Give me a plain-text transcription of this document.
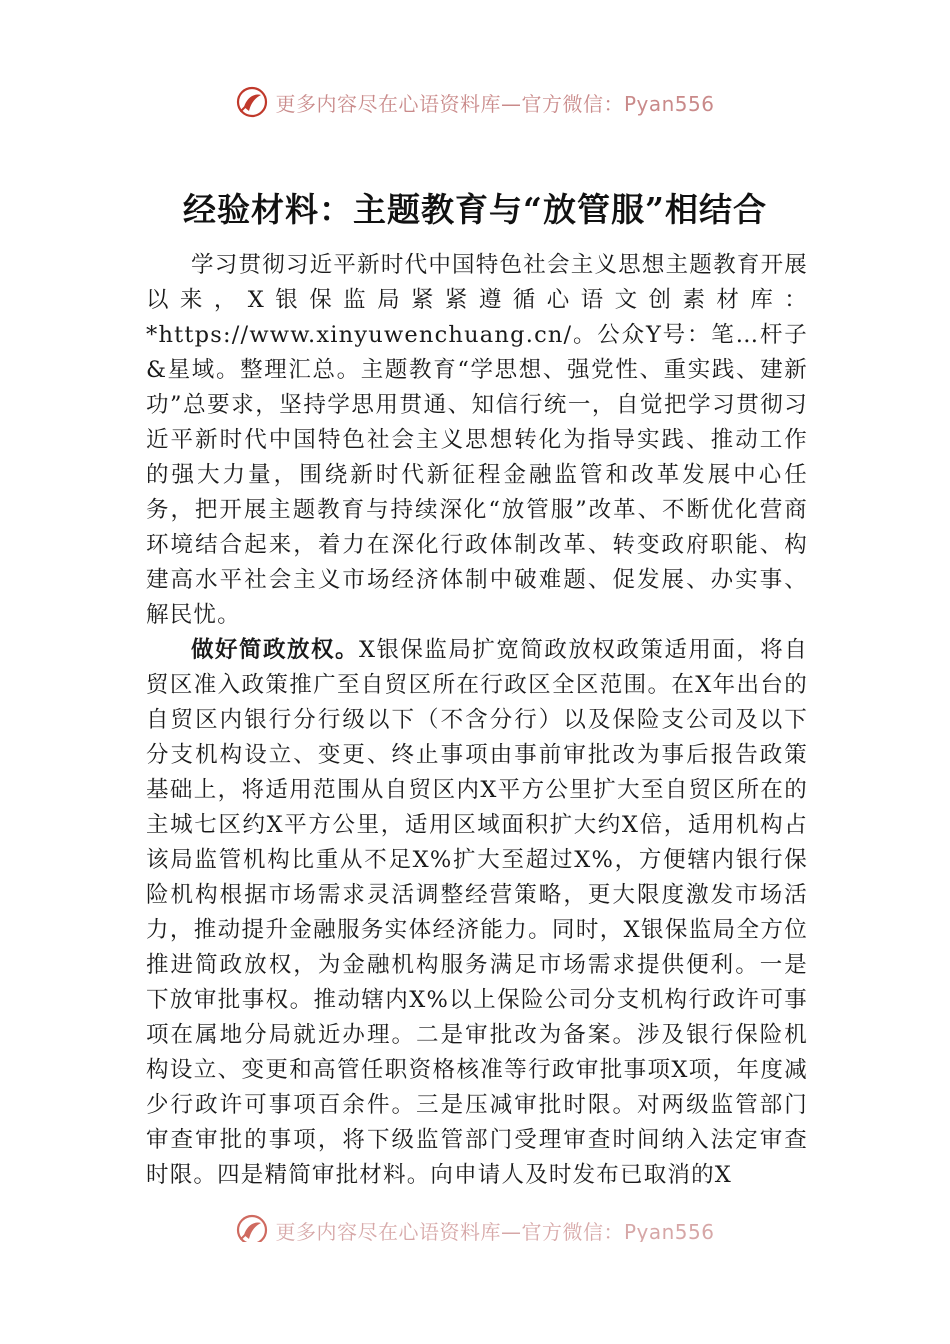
更多内容尽在心语资料库—官方微信：Pyan556
经验材料：主题教育与“放管服”相结合

学习贯彻习近平新时代中国特色社会主义思想主题教育开展以来，X银保监局紧紧遵循心语文创素材库：*https://www.xinyuwenchuang.cn/。公众Y号：笔…杆子&星域。整理汇总。主题教育“学思想、强党性、重实践、建新功”总要求，坚持学思用贯通、知信行统一，自觉把学习贯彻习近平新时代中国特色社会主义思想转化为指导实践、推动工作的强大力量，围绕新时代新征程金融监管和改革发展中心任务，把开展主题教育与持续深化“放管服”改革、不断优化营商环境结合起来，着力在深化行政体制改革、转变政府职能、构建高水平社会主义市场经济体制中破难题、促发展、办实事、解民忧。

做好简政放权。X银保监局扩宽简政放权政策适用面，将自贸区准入政策推广至自贸区所在行政区全区范围。在X年出台的自贸区内银行分行级以下（不含分行）以及保险支公司及以下分支机构设立、变更、终止事项由事前审批改为事后报告政策基础上，将适用范围从自贸区内X平方公里扩大至自贸区所在的主城七区约X平方公里，适用区域面积扩大约X倍，适用机构占该局监管机构比重从不足X%扩大至超过X%，方便辖内银行保险机构根据市场需求灵活调整经营策略，更大限度激发市场活力，推动提升金融服务实体经济能力。同时，X银保监局全方位推进简政放权，为金融机构服务满足市场需求提供便利。一是下放审批事权。推动辖内X%以上保险公司分支机构行政许可事项在属地分局就近办理。二是审批改为备案。涉及银行保险机构设立、变更和高管任职资格核准等行政审批事项X项，年度减少行政许可事项百余件。三是压减审批时限。对两级监管部门审查审批的事项，将下级监管部门受理审查时间纳入法定审查时限。四是精简审批材料。向申请人及时发布已取消的X

更多内容尽在心语资料库—官方微信：Pyan556
